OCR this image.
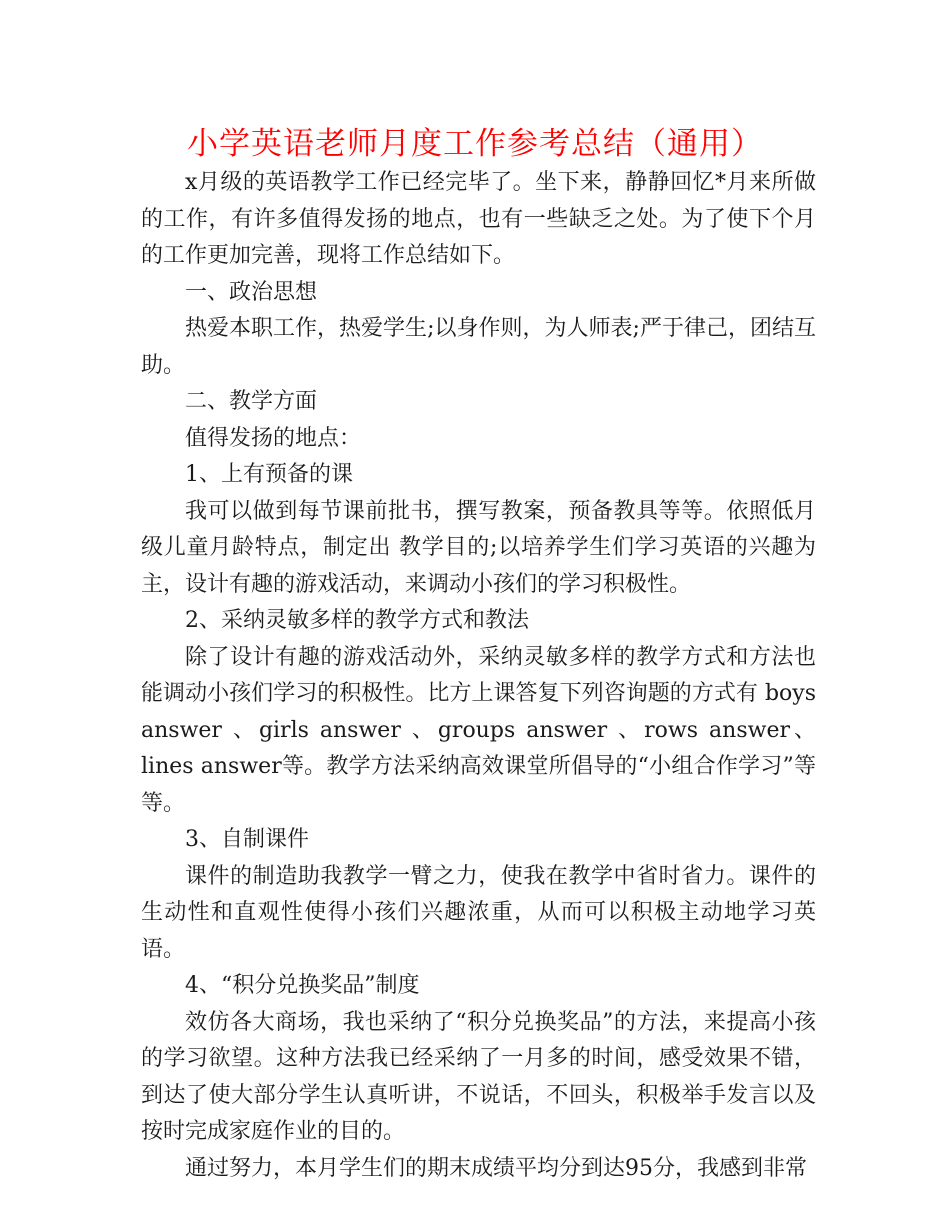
小学英语老师月度工作参考总结（通用）

x月级的英语教学工作已经完毕了。坐下来，静静回忆*月来所做的工作，有许多值得发扬的地点，也有一些缺乏之处。为了使下个月的工作更加完善，现将工作总结如下。

一、政治思想

热爱本职工作，热爱学生;以身作则，为人师表;严于律己，团结互助。

二、教学方面

值得发扬的地点：

1、上有预备的课

我可以做到每节课前批书，撰写教案，预备教具等等。依照低月级儿童月龄特点，制定出 教学目的;以培养学生们学习英语的兴趣为主，设计有趣的游戏活动，来调动小孩们的学习积极性。

2、采纳灵敏多样的教学方式和教法

除了设计有趣的游戏活动外，采纳灵敏多样的教学方式和方法也能调动小孩们学习的积极性。比方上课答复下列咨询题的方式有 boys answer 、girls answer 、groups answer 、rows answer、 lines answer等。教学方法采纳高效课堂所倡导的“小组合作学习”等等。

3、自制课件

课件的制造助我教学一臂之力，使我在教学中省时省力。课件的生动性和直观性使得小孩们兴趣浓重，从而可以积极主动地学习英语。

4、“积分兑换奖品”制度

效仿各大商场，我也采纳了“积分兑换奖品”的方法，来提高小孩的学习欲望。这种方法我已经采纳了一月多的时间，感受效果不错，到达了使大部分学生认真听讲，不说话，不回头，积极举手发言以及按时完成家庭作业的目的。

通过努力，本月学生们的期末成绩平均分到达95分，我感到非常
